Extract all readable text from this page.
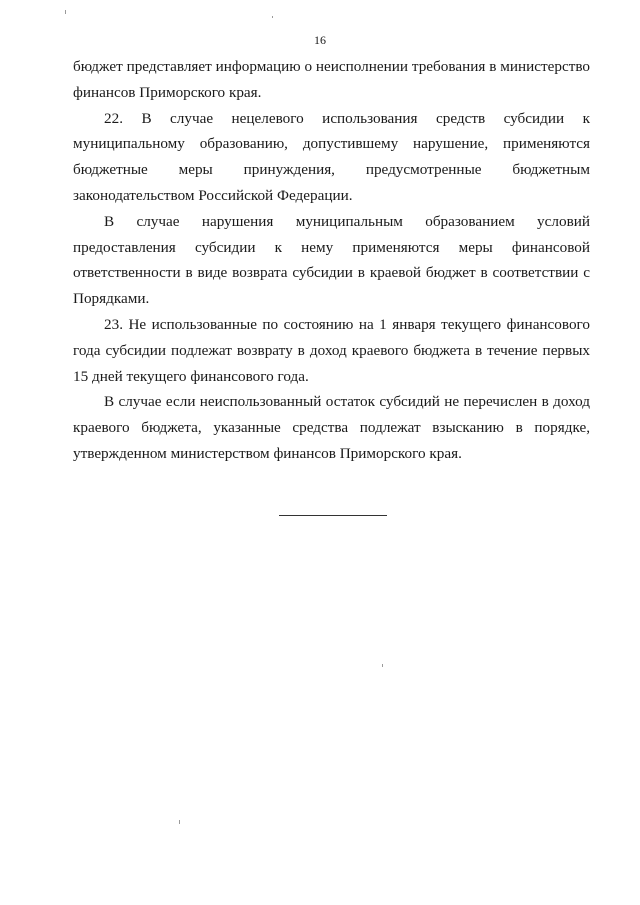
16

бюджет представляет информацию о неисполнении требования в министерство финансов Приморского края.

22. В случае нецелевого использования средств субсидии к муниципальному образованию, допустившему нарушение, применяются бюджетные меры принуждения, предусмотренные бюджетным законодательством Российской Федерации.

В случае нарушения муниципальным образованием условий предоставления субсидии к нему применяются меры финансовой ответственности в виде возврата субсидии в краевой бюджет в соответствии с Порядками.

23. Не использованные по состоянию на 1 января текущего финансового года субсидии подлежат возврату в доход краевого бюджета в течение первых 15 дней текущего финансового года.

В случае если неиспользованный остаток субсидий не перечислен в доход краевого бюджета, указанные средства подлежат взысканию в порядке, утвержденном министерством финансов Приморского края.
